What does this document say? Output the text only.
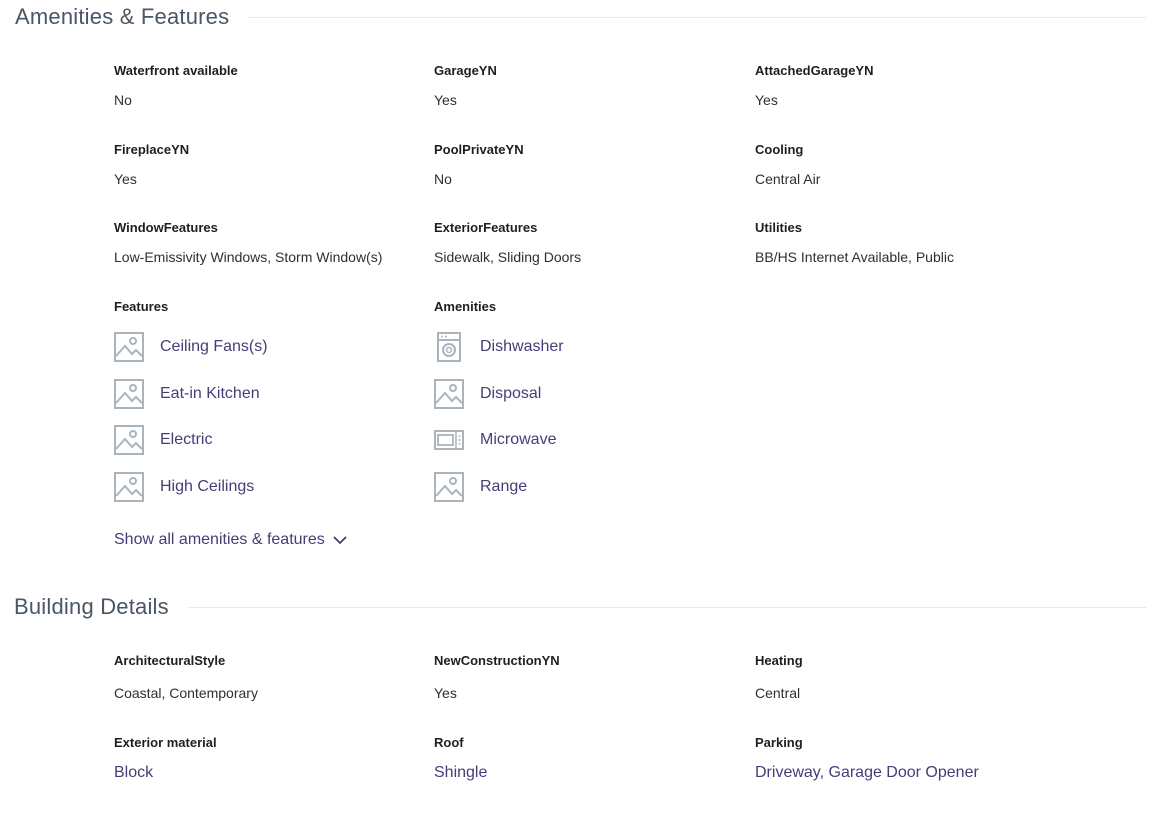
Amenities & Features
Waterfront available
No
GarageYN
Yes
AttachedGarageYN
Yes
FireplaceYN
Yes
PoolPrivateYN
No
Cooling
Central Air
WindowFeatures
Low-Emissivity Windows, Storm Window(s)
ExteriorFeatures
Sidewalk, Sliding Doors
Utilities
BB/HS Internet Available, Public
Features
Ceiling Fans(s)
Eat-in Kitchen
Electric
High Ceilings
Amenities
Dishwasher
Disposal
Microwave
Range
Show all amenities & features
Building Details
ArchitecturalStyle
Coastal, Contemporary
NewConstructionYN
Yes
Heating
Central
Exterior material
Block
Roof
Shingle
Parking
Driveway, Garage Door Opener
